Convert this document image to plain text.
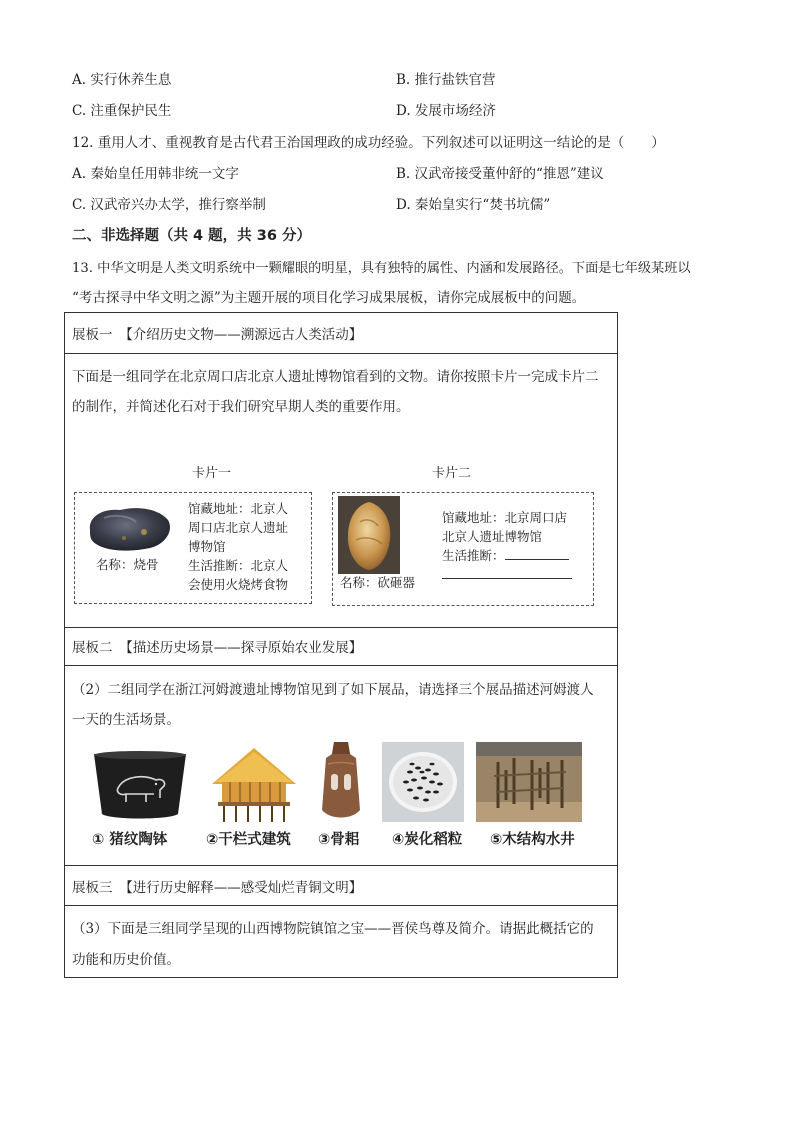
A. 实行休养生息	B. 推行盐铁官营
C. 注重保护民生	D. 发展市场经济
12. 重用人才、重视教育是古代君王治国理政的成功经验。下列叙述可以证明这一结论的是（　　）
A. 秦始皇任用韩非统一文字	B. 汉武帝接受董仲舒的“推恩”建议
C. 汉武帝兴办太学，推行察举制	D. 秦始皇实行“焚书坑儒”
二、非选择题（共 4 题，共 36 分）
13. 中华文明是人类文明系统中一颗耀眼的明星，具有独特的属性、内涵和发展路径。下面是七年级某班以
“考古探寻中华文明之源”为主题开展的项目化学习成果展板，请你完成展板中的问题。
展板一　【介绍历史文物——溯源远古人类活动】
下面是一组同学在北京周口店北京人遗址博物馆看到的文物。请你按照卡片一完成卡片二
的制作，并简述化石对于我们研究早期人类的重要作用。
卡片一	卡片二
名称：烧骨
馆藏地址：北京人
周口店北京人遗址
博物馆
生活推断：北京人
会使用火烧烤食物	名称：砍砸器
馆藏地址：北京周口店
北京人遗址博物馆
生活推断：
展板二　【描述历史场景——探寻原始农业发展】
（2）二组同学在浙江河姆渡遗址博物馆见到了如下展品，请选择三个展品描述河姆渡人
一天的生活场景。
① 猪纹陶钵	②干栏式建筑 ③骨耜 ④炭化稻粒 ⑤木结构水井
展板三　【进行历史解释——感受灿烂青铜文明】
（3）下面是三组同学呈现的山西博物院镇馆之宝——晋侯鸟尊及简介。请据此概括它的
功能和历史价值。
